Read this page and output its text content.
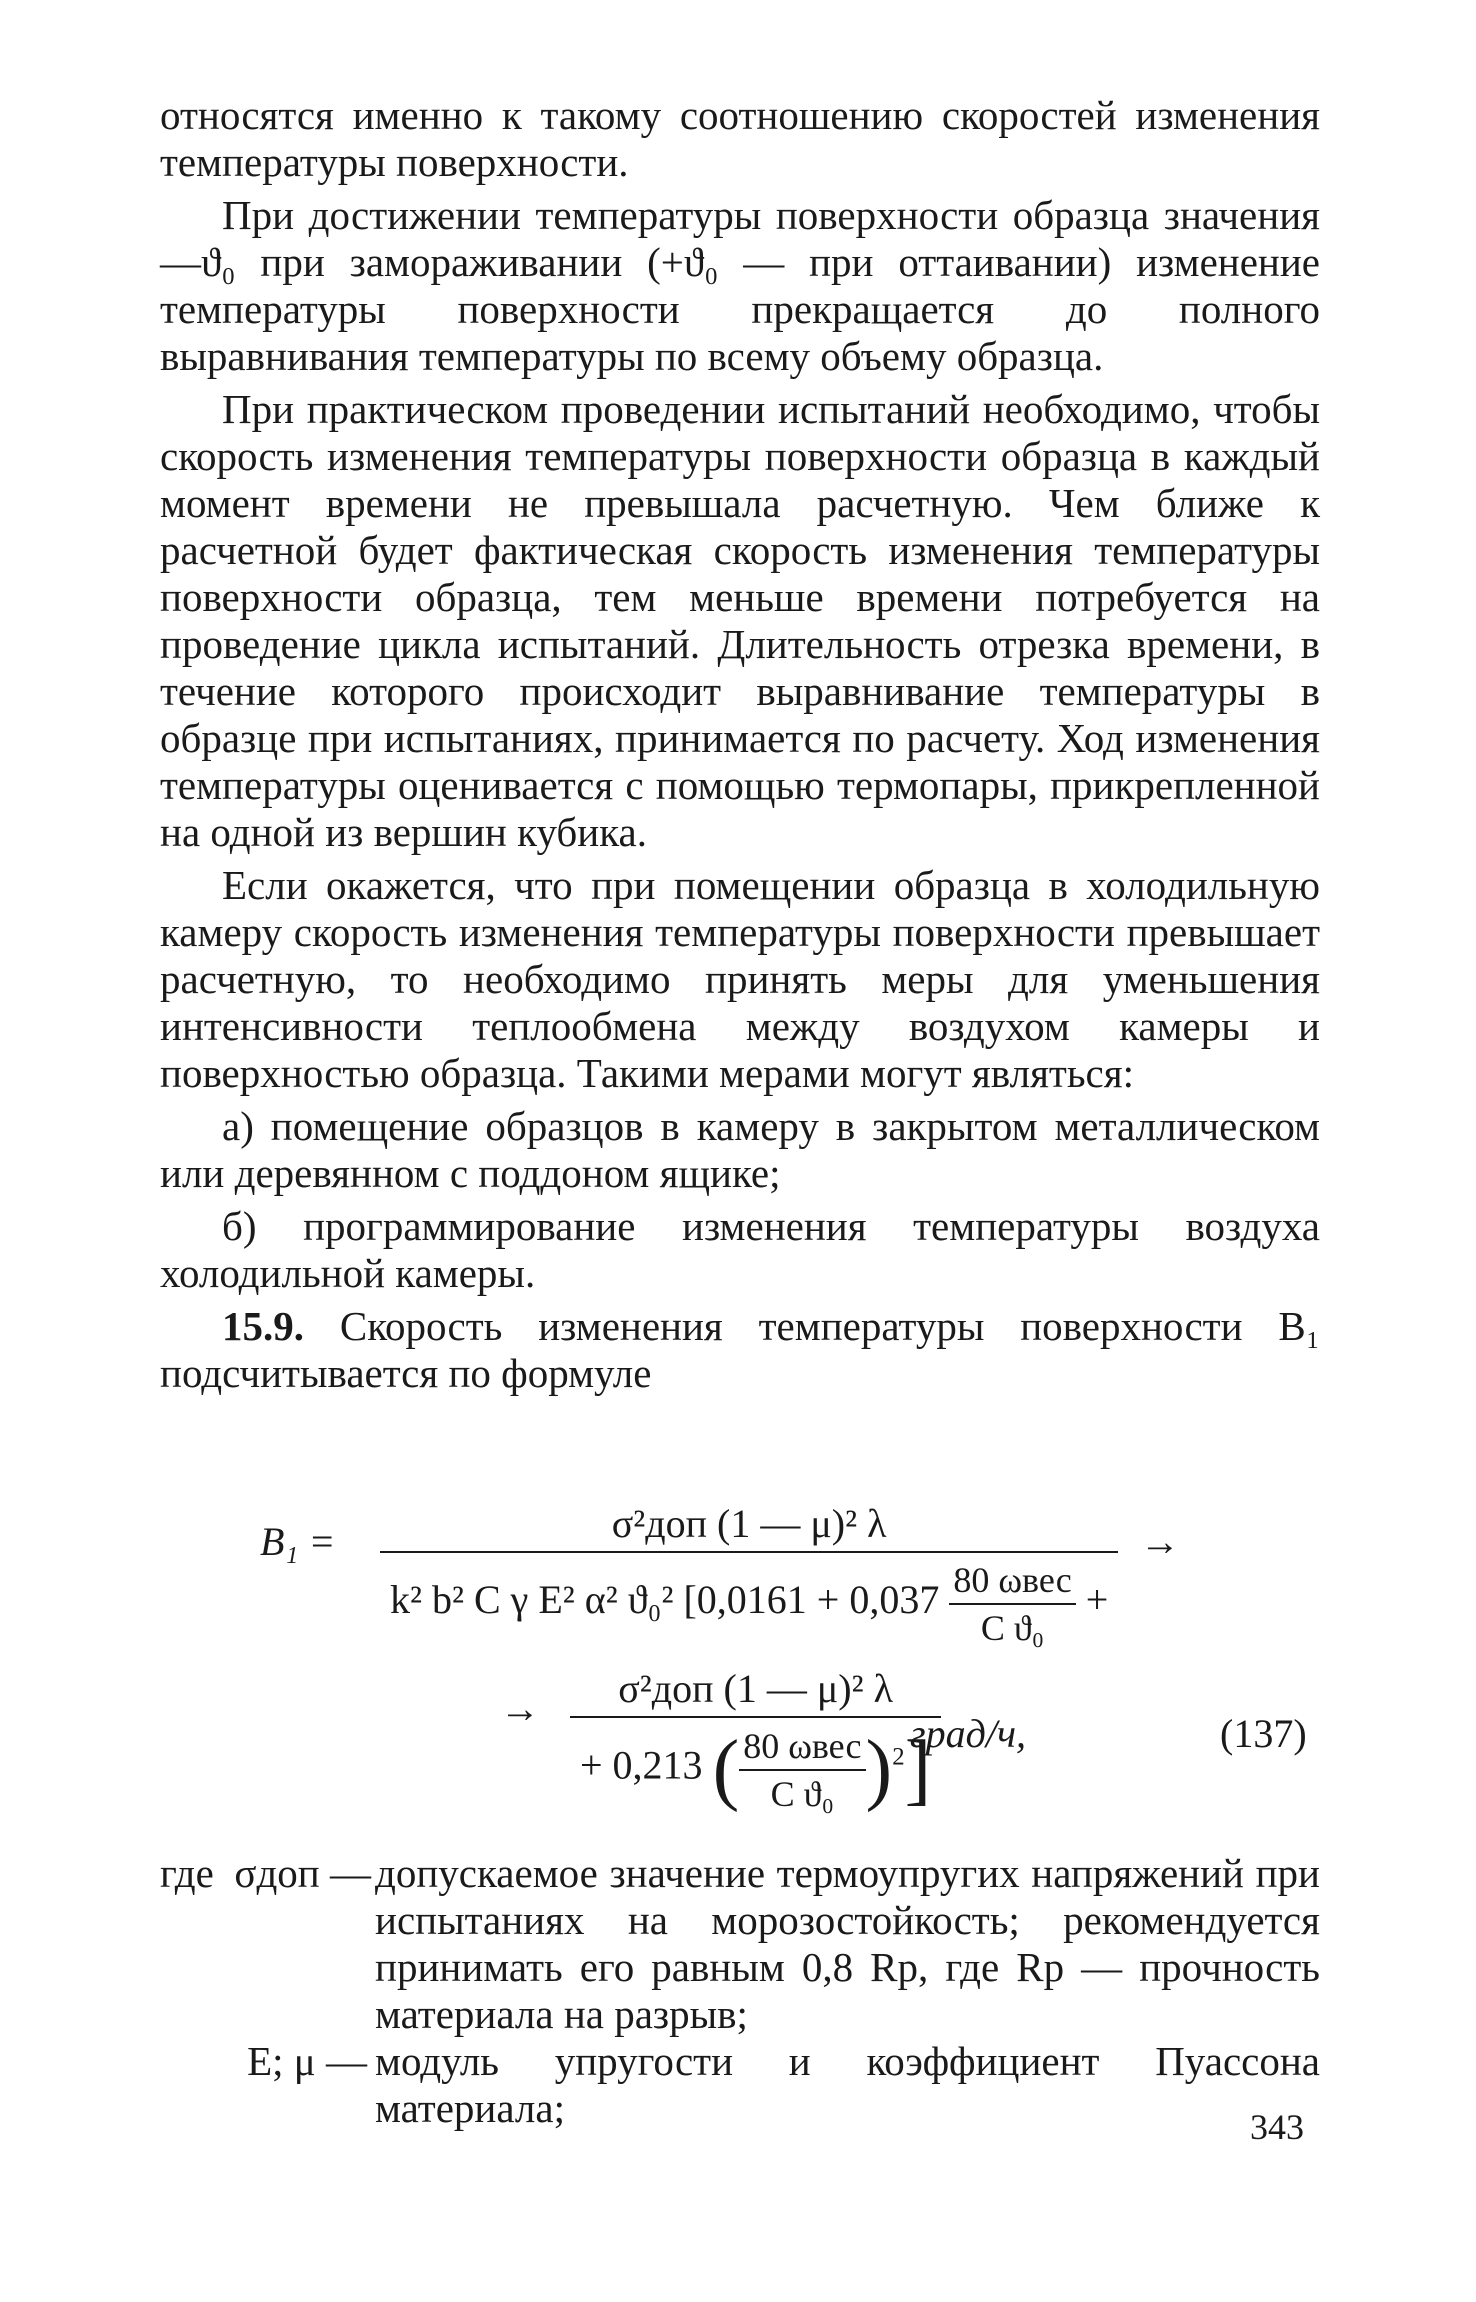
относятся именно к такому соотношению скоростей изменения температуры поверхности.

При достижении температуры поверхности образца значения —ϑ₀ при замораживании (+ϑ₀ — при оттаивании) изменение температуры поверхности прекращается до полного выравнивания температуры по всему объему образца.

При практическом проведении испытаний необходимо, чтобы скорость изменения температуры поверхности образца в каждый момент времени не превышала расчетную. Чем ближе к расчетной будет фактическая скорость изменения температуры поверхности образца, тем меньше времени потребуется на проведение цикла испытаний. Длительность отрезка времени, в течение которого происходит выравнивание температуры в образце при испытаниях, принимается по расчету. Ход изменения температуры оценивается с помощью термопары, прикрепленной на одной из вершин кубика.

Если окажется, что при помещении образца в холодильную камеру скорость изменения температуры поверхности превышает расчетную, то необходимо принять меры для уменьшения интенсивности теплообмена между воздухом камеры и поверхностью образца. Такими мерами могут являться:

а) помещение образцов в камеру в закрытом металлическом или деревянном с поддоном ящике;

б) программирование изменения температуры воздуха холодильной камеры.

15.9. Скорость изменения температуры поверхности B₁ подсчитывается по формуле

B₁ =	σ²доп (1 — μ)² λ
k² b² C γ E² α² ϑ₀² [$0,0161 + 0,037 \frac{\text{80 ωвес}}{\text{C ϑ₀}}$ +
→
→ $\frac{\text{σ²доп (1 — μ)² λ}}{+ 0,213 ( \frac{\text{80 ωвес}}{\text{C ϑ₀}} )^2]}$
град/ч,	(137)
где σдоп — допускаемое значение термоупругих напряжений при испытаниях на морозостойкость; рекомендуется принимать его равным 0,8 Rр, где Rр — прочность материала на разрыв;
E; μ — модуль упругости и коэффициент Пуассона материала;	343
